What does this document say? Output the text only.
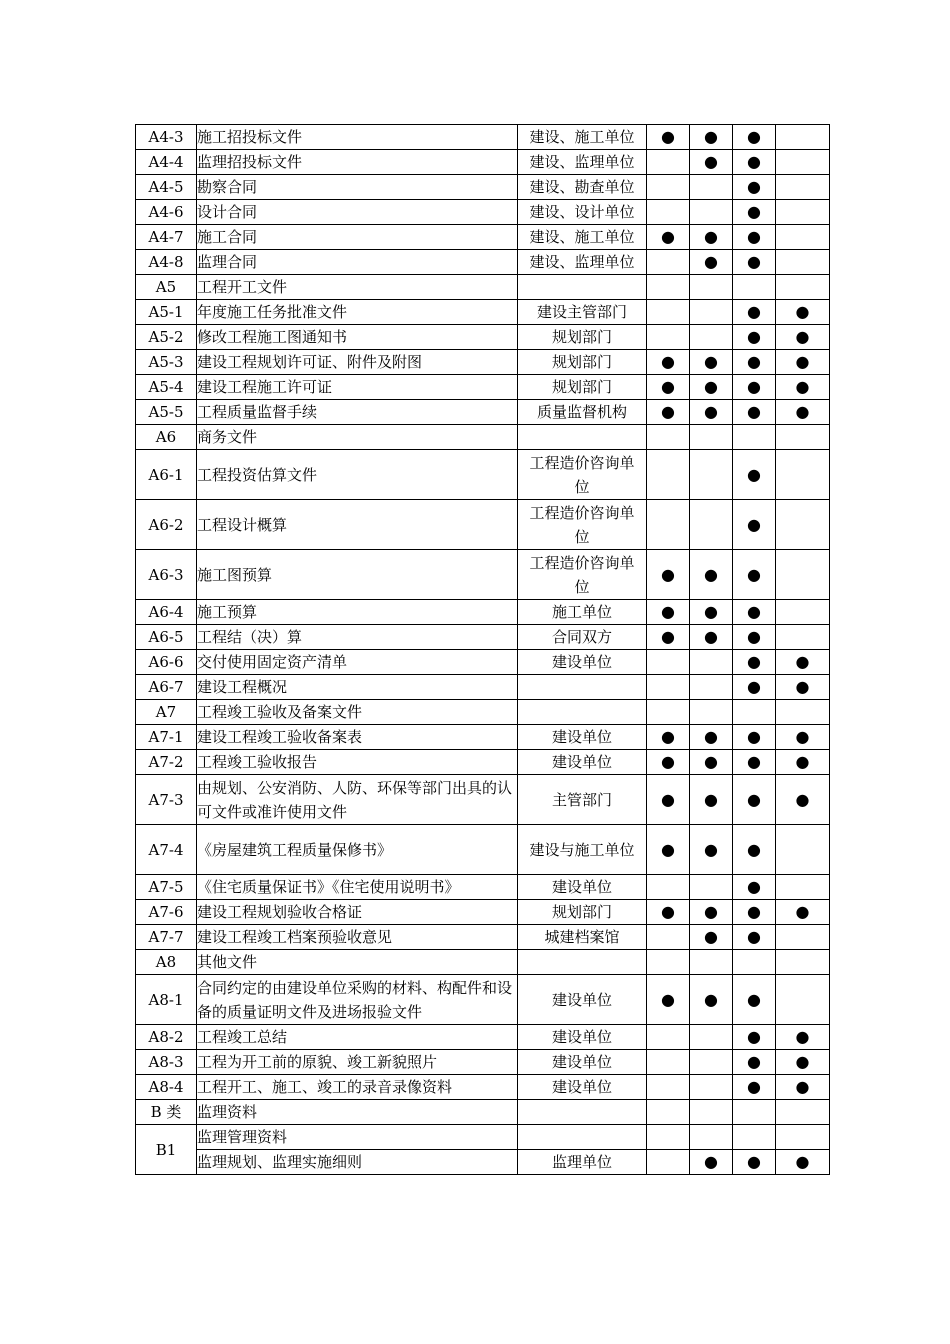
A4-3	施工招投标文件	建设、施工单位	●	●	●	
A4-4	监理招投标文件	建设、监理单位		●	●	
A4-5	勘察合同	建设、勘查单位			●	
A4-6	设计合同	建设、设计单位			●	
A4-7	施工合同	建设、施工单位	●	●	●	
A4-8	监理合同	建设、监理单位		●	●	
A5	工程开工文件					
A5-1	年度施工任务批准文件	建设主管部门			●	●
A5-2	修改工程施工图通知书	规划部门			●	●
A5-3	建设工程规划许可证、附件及附图	规划部门	●	●	●	●
A5-4	建设工程施工许可证	规划部门	●	●	●	●
A5-5	工程质量监督手续	质量监督机构	●	●	●	●
A6	商务文件					
A6-1	工程投资估算文件	工程造价咨询单位			●	
A6-2	工程设计概算	工程造价咨询单位			●	
A6-3	施工图预算	工程造价咨询单位	●	●	●	
A6-4	施工预算	施工单位	●	●	●	
A6-5	工程结（决）算	合同双方	●	●	●	
A6-6	交付使用固定资产清单	建设单位			●	●
A6-7	建设工程概况				●	●
A7	工程竣工验收及备案文件					
A7-1	建设工程竣工验收备案表	建设单位	●	●	●	●
A7-2	工程竣工验收报告	建设单位	●	●	●	●
A7-3	由规划、公安消防、人防、环保等部门出具的认可文件或准许使用文件	主管部门	●	●	●	●
A7-4	《房屋建筑工程质量保修书》	建设与施工单位	●	●	●	
A7-5	《住宅质量保证书》《住宅使用说明书》	建设单位			●	
A7-6	建设工程规划验收合格证	规划部门	●	●	●	●
A7-7	建设工程竣工档案预验收意见	城建档案馆		●	●	
A8	其他文件					
A8-1	合同约定的由建设单位采购的材料、构配件和设备的质量证明文件及进场报验文件	建设单位	●	●	●	
A8-2	工程竣工总结	建设单位			●	●
A8-3	工程为开工前的原貌、竣工新貌照片	建设单位			●	●
A8-4	工程开工、施工、竣工的录音录像资料	建设单位			●	●
B 类	监理资料					
B1	监理管理资料					
	监理规划、监理实施细则	监理单位		●	●	●
